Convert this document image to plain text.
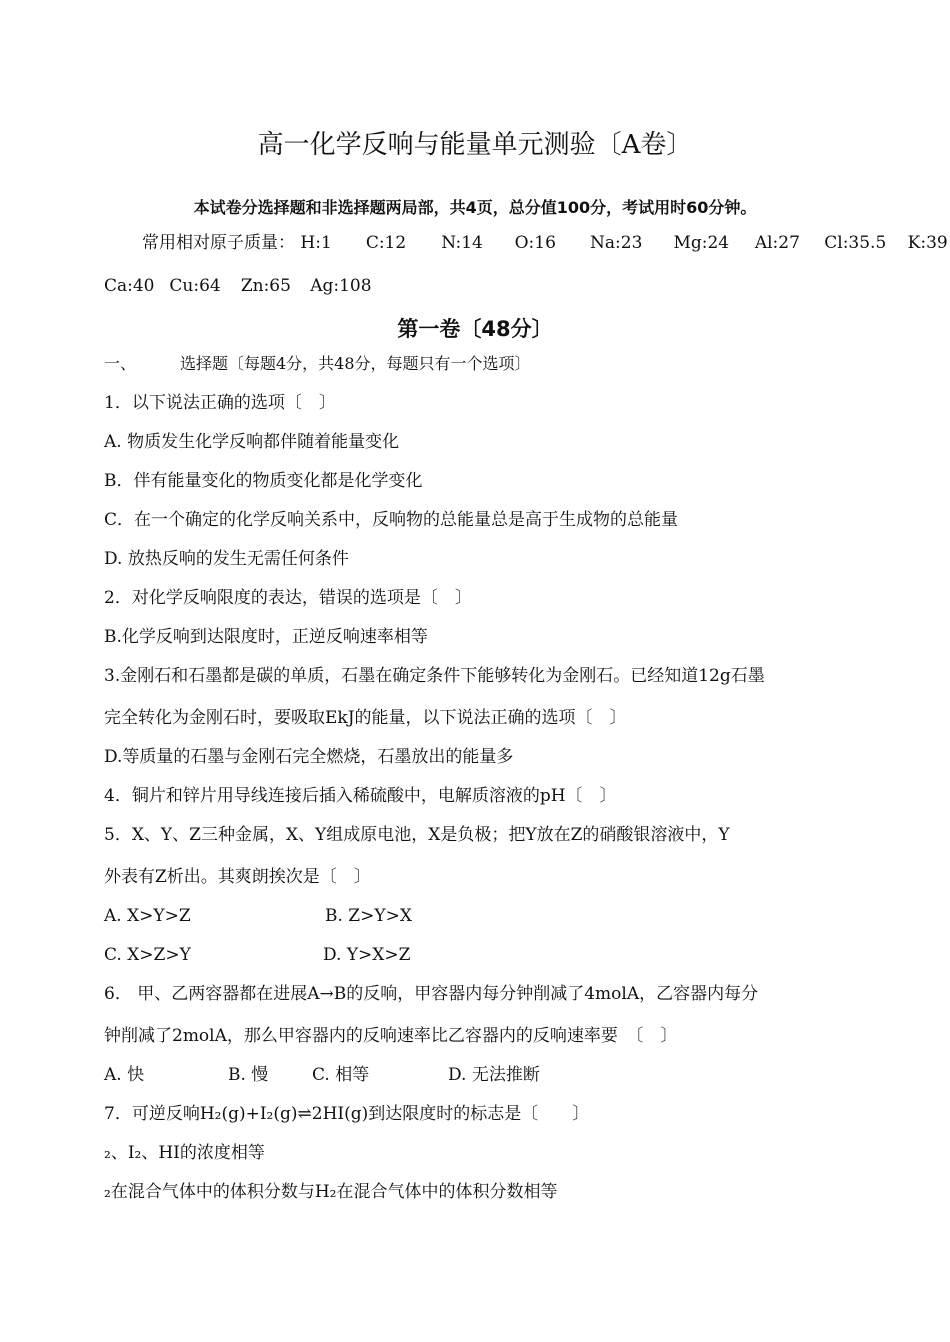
高一化学反响与能量单元测验〔A卷〕
本试卷分选择题和非选择题两局部，共4页，总分值100分，考试用时60分钟。
常用相对原子质量： H:1 C:12 N:14 O:16 Na:23 Mg:24 Al:27 Cl:35.5 K:39
Ca:40 Cu:64 Zn:65 Ag:108
第一卷〔48分〕
一、	选择题〔每题4分，共48分，每题只有一个选项〕
1．以下说法正确的选项〔　〕
A. 物质发生化学反响都伴随着能量变化
B．伴有能量变化的物质变化都是化学变化
C．在一个确定的化学反响关系中，反响物的总能量总是高于生成物的总能量
D. 放热反响的发生无需任何条件
2．对化学反响限度的表达，错误的选项是〔　〕
B.化学反响到达限度时，正逆反响速率相等
3.金刚石和石墨都是碳的单质，石墨在确定条件下能够转化为金刚石。已经知道12g石墨
完全转化为金刚石时，要吸取EkJ的能量，以下说法正确的选项〔　〕
D.等质量的石墨与金刚石完全燃烧，石墨放出的能量多
4．铜片和锌片用导线连接后插入稀硫酸中，电解质溶液的pH〔　〕
5．X、Y、Z三种金属，X、Y组成原电池，X是负极；把Y放在Z的硝酸银溶液中，Y
外表有Z析出。其爽朗挨次是〔　〕
A. X>Y>Z	B. Z>Y>X
C. X>Z>Y	D. Y>X>Z
6． 甲、乙两容器都在进展A→B的反响，甲容器内每分钟削减了4molA，乙容器内每分
钟削减了2molA，那么甲容器内的反响速率比乙容器内的反响速率要　〔　〕
A. 快	B. 慢	C. 相等	D. 无法推断
7．可逆反响H₂(g)+I₂(g)⇌2HI(g)到达限度时的标志是〔　　〕
₂、I₂、HI的浓度相等
₂在混合气体中的体积分数与H₂在混合气体中的体积分数相等
